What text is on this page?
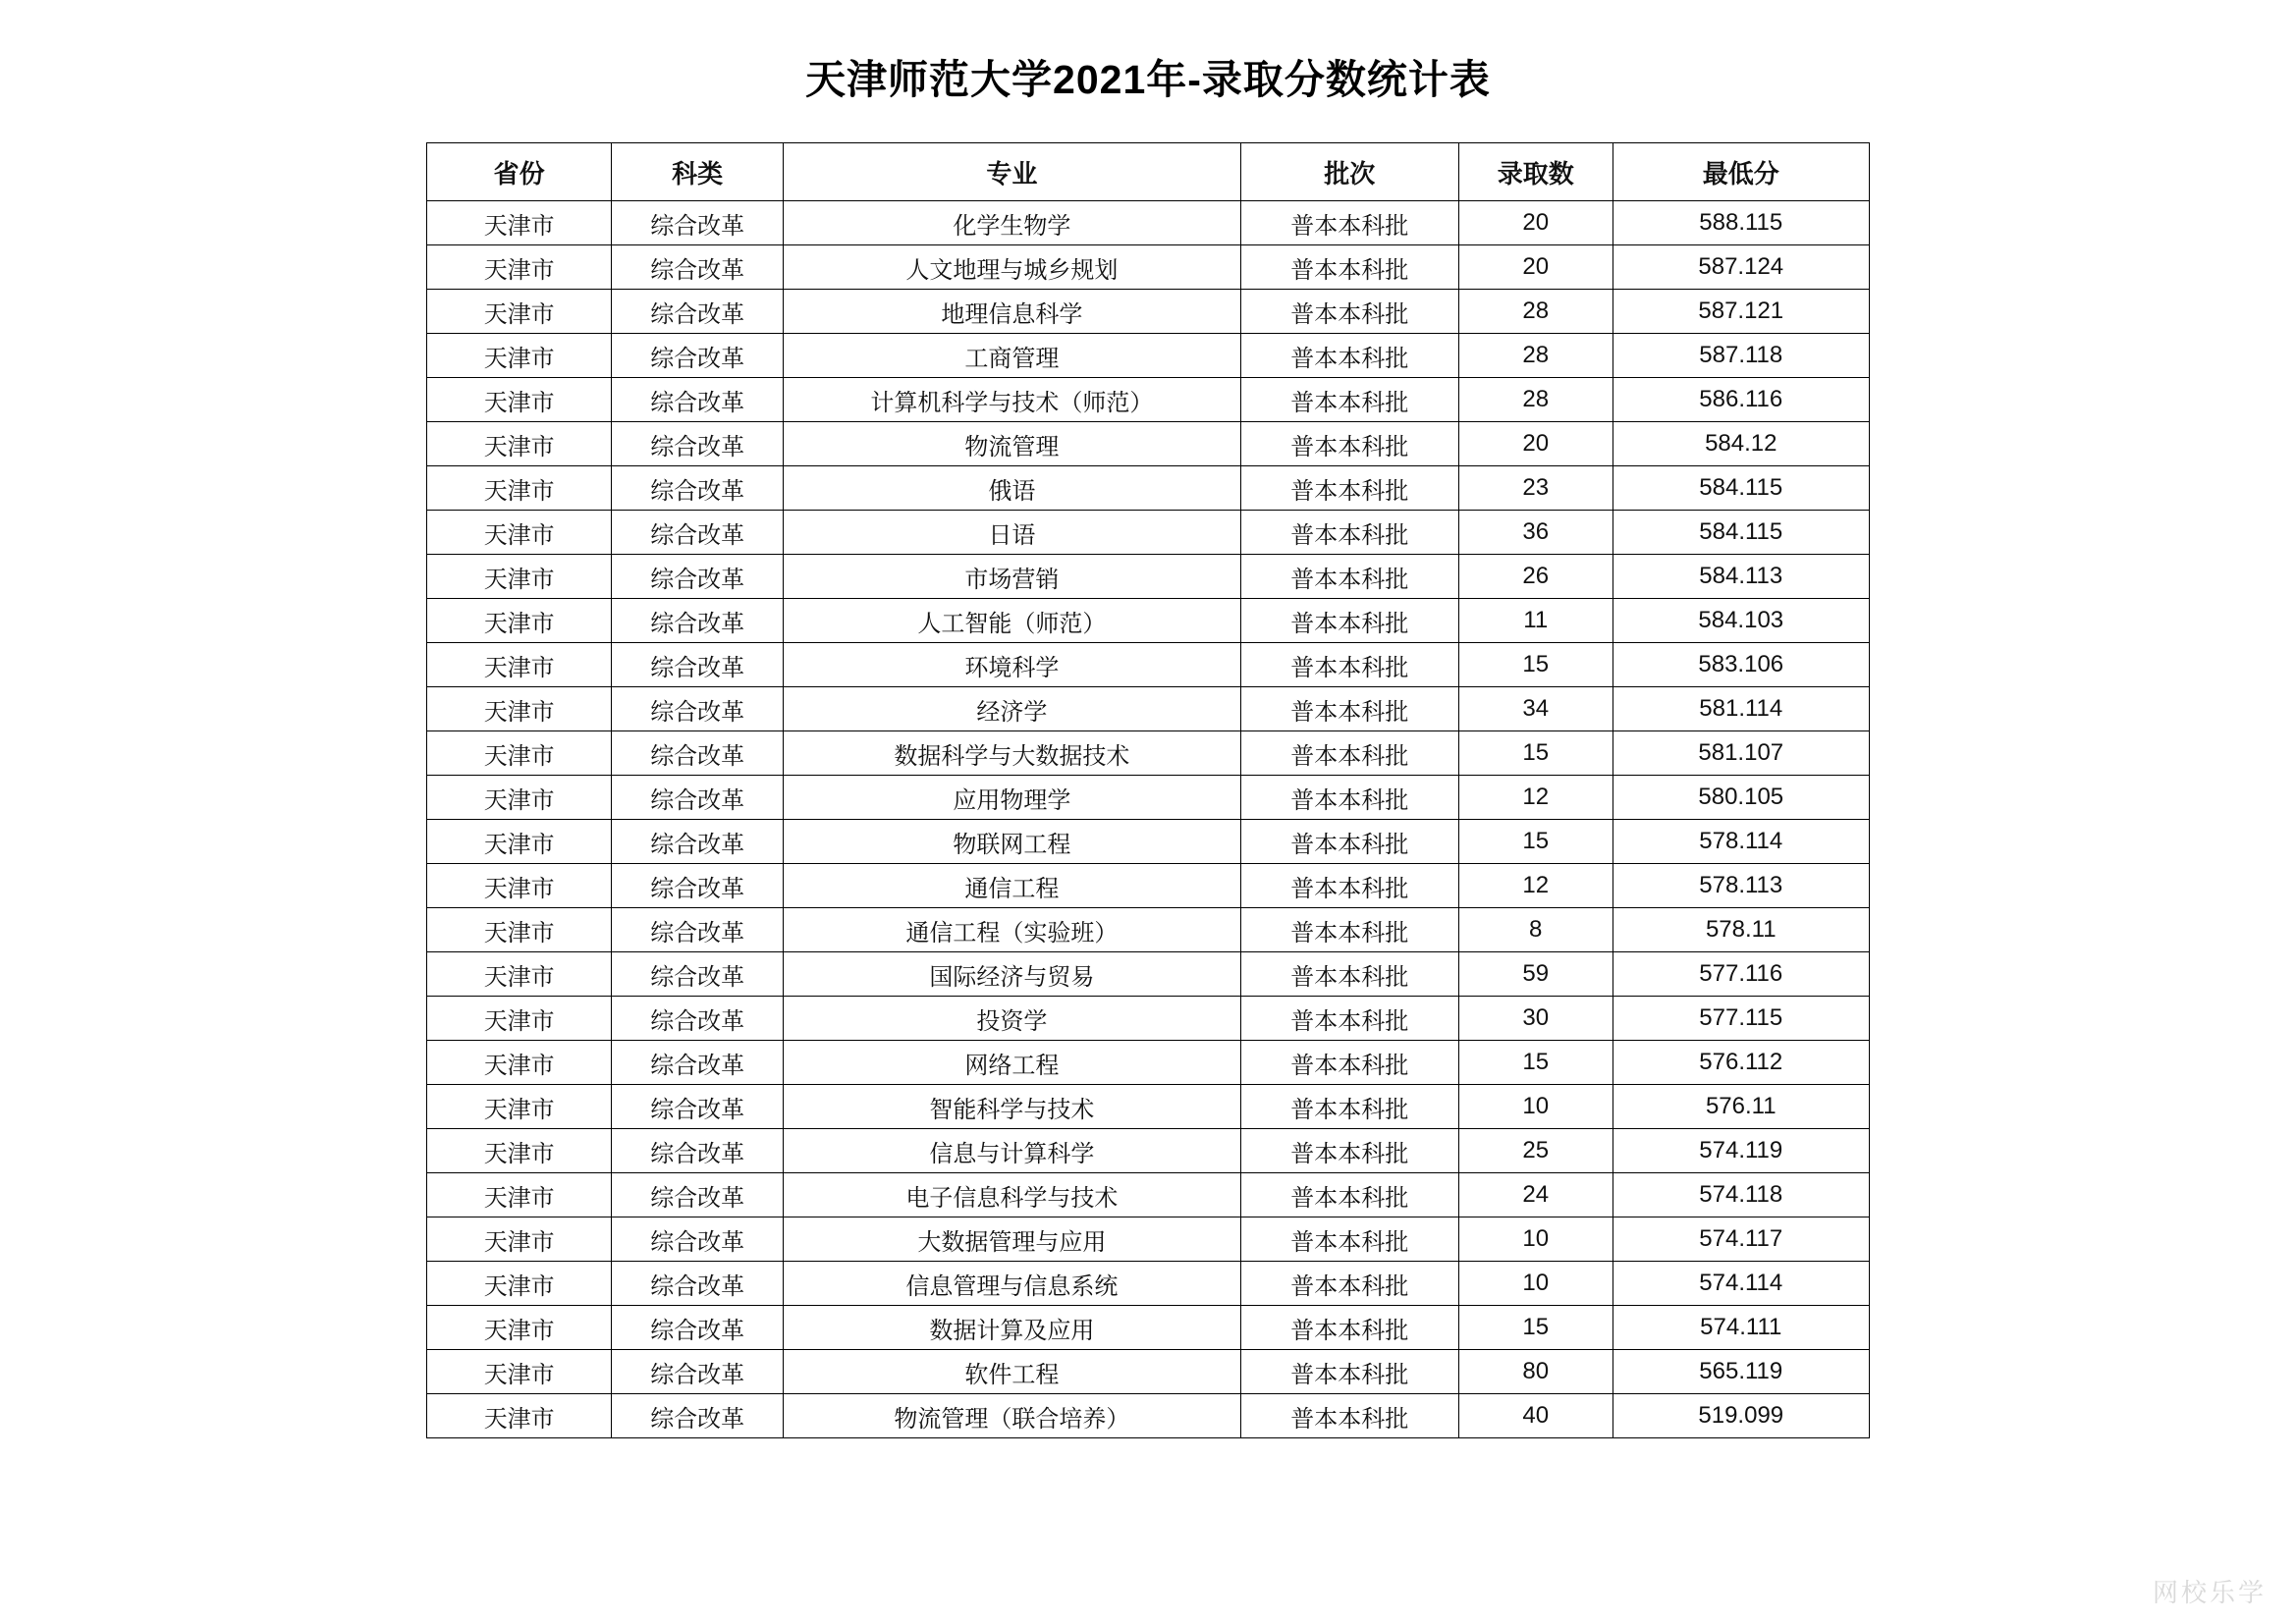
天津师范大学2021年-录取分数统计表
省份	科类	专业	批次	录取数	最低分
天津市	综合改革	化学生物学	普本本科批	20	588.115
天津市	综合改革	人文地理与城乡规划	普本本科批	20	587.124
天津市	综合改革	地理信息科学	普本本科批	28	587.121
天津市	综合改革	工商管理	普本本科批	28	587.118
天津市	综合改革	计算机科学与技术（师范）	普本本科批	28	586.116
天津市	综合改革	物流管理	普本本科批	20	584.12
天津市	综合改革	俄语	普本本科批	23	584.115
天津市	综合改革	日语	普本本科批	36	584.115
天津市	综合改革	市场营销	普本本科批	26	584.113
天津市	综合改革	人工智能（师范）	普本本科批	11	584.103
天津市	综合改革	环境科学	普本本科批	15	583.106
天津市	综合改革	经济学	普本本科批	34	581.114
天津市	综合改革	数据科学与大数据技术	普本本科批	15	581.107
天津市	综合改革	应用物理学	普本本科批	12	580.105
天津市	综合改革	物联网工程	普本本科批	15	578.114
天津市	综合改革	通信工程	普本本科批	12	578.113
天津市	综合改革	通信工程（实验班）	普本本科批	8	578.11
天津市	综合改革	国际经济与贸易	普本本科批	59	577.116
天津市	综合改革	投资学	普本本科批	30	577.115
天津市	综合改革	网络工程	普本本科批	15	576.112
天津市	综合改革	智能科学与技术	普本本科批	10	576.11
天津市	综合改革	信息与计算科学	普本本科批	25	574.119
天津市	综合改革	电子信息科学与技术	普本本科批	24	574.118
天津市	综合改革	大数据管理与应用	普本本科批	10	574.117
天津市	综合改革	信息管理与信息系统	普本本科批	10	574.114
天津市	综合改革	数据计算及应用	普本本科批	15	574.111
天津市	综合改革	软件工程	普本本科批	80	565.119
天津市	综合改革	物流管理（联合培养）	普本本科批	40	519.099
网校乐学
